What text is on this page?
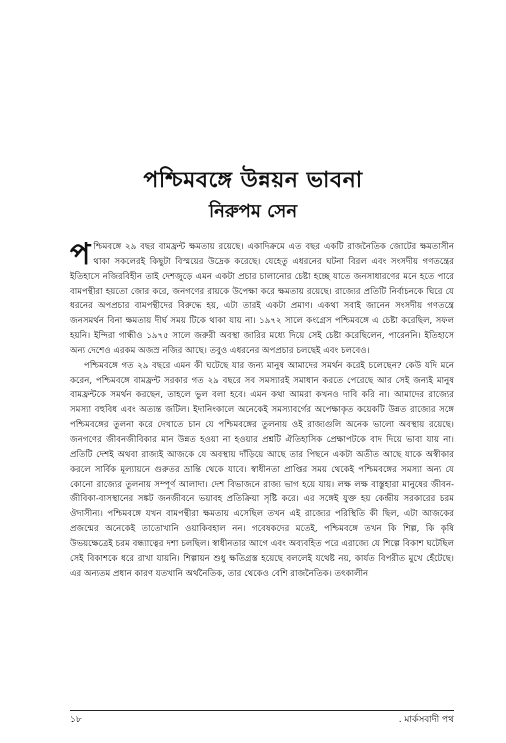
পশ্চিমবঙ্গে উন্নয়ন ভাবনা
নিরুপম সেন

পশ্চিমবঙ্গে ২৯ বছর বামফ্রন্ট ক্ষমতায় রয়েছে। একাদিক্রমে এত বছর একটি রাজনৈতিক জোটের ক্ষমতাসীন থাকা সকলেরই কিছুটা বিস্ময়ের উদ্রেক করেছে। যেহেতু এধরনের ঘটনা বিরল এবং সংসদীয় গণতন্ত্রের ইতিহাসে নজিরবিহীন তাই দেশজুড়ে এমন একটা প্রচার চালানোর চেষ্টা হচ্ছে যাতে জনসাধারণের মনে হতে পারে বামপন্থীরা হয়তো জোর করে, জনগণের রায়কে উপেক্ষা করে ক্ষমতায় রয়েছে। রাজ্যের প্রতিটি নির্বাচনকে ঘিরে যে ধরনের অপপ্রচার বামপন্থীদের বিরুদ্ধে হয়, এটা তারই একটা প্রমাণ। একথা সবাই জানেন সংসদীয় গণতন্ত্রে জনসমর্থন বিনা ক্ষমতায় দীর্ঘ সময় টিকে থাকা যায় না। ১৯৭২ সালে কংগ্রেস পশ্চিমবঙ্গে এ চেষ্টা করেছিল, সফল হয়নি। ইন্দিরা গান্ধীও ১৯৭৫ সালে জরুরী অবস্থা জারির মধ্যে দিয়ে সেই চেষ্টা করেছিলেন, পারেননি। ইতিহাসে অন্য দেশেও এরকম অজস্র নজির আছে। তবুও এধরনের অপপ্রচার চলছেই এবং চলবেও।

পশ্চিমবঙ্গে গত ২৯ বছরে এমন কী ঘটেছে যার জন্য মানুষ আমাদের সমর্থন করেই চলেছেন? কেউ যদি মনে করেন, পশ্চিমবঙ্গে বামফ্রন্ট সরকার গত ২৯ বছরে সব সমস্যারই সমাধান করতে পেরেছে আর সেই জন্যই মানুষ বামফ্রন্টকে সমর্থন করছেন, তাহলে ভুল বলা হবে। এমন কথা আমরা কখনও দাবি করি না। আমাদের রাজ্যের সমস্যা বহুবিধ এবং অত্যন্ত জটিল। ইদানিংকালে অনেকেই সমস্যাবর্গের অপেক্ষাকৃত কয়েকটি উন্নত রাজ্যের সঙ্গে পশ্চিমবঙ্গের তুলনা করে দেখাতে চান যে পশ্চিমবঙ্গের তুলনায় ওই রাজ্যগুলি অনেক ভালো অবস্থায় রয়েছে। জনগণের জীবনজীবিকার মান উন্নত হওয়া না হওয়ার প্রশ্নটি ঐতিহাসিক প্রেক্ষাপটকে বাদ দিয়ে ভাবা যায় না। প্রতিটি দেশই অথবা রাজ্যই আজকে যে অবস্থায় দাঁড়িয়ে আছে তার পিছনে একটা অতীত আছে যাকে অস্বীকার করলে সার্বিক মূল্যায়নে গুরুতর ভ্রান্তি থেকে যাবে। স্বাধীনতা প্রাপ্তির সময় থেকেই পশ্চিমবঙ্গের সমস্যা অন্য যে কোনো রাজ্যের তুলনায় সম্পূর্ণ আলাদা। দেশ বিভাজনে রাজ্য ভাগ হয়ে যায়। লক্ষ লক্ষ বাস্তুহারা মানুষের জীবন-জীবিকা-বাসস্থানের সঙ্কট জনজীবনে ভয়াবহ প্রতিক্রিয়া সৃষ্টি করে। এর সঙ্গেই যুক্ত হয় কেন্দ্রীয় সরকারের চরম ঔদাসীন্য। পশ্চিমবঙ্গে যখন বামপন্থীরা ক্ষমতায় এসেছিল তখন এই রাজ্যের পরিস্থিতি কী ছিল, এটা আজকের প্রজন্মের অনেকেই তাতোখানি ওয়াকিবহাল নন। গবেষকদের মতেই, পশ্চিমবঙ্গে তখন কি শিল্প, কি কৃষি উভয়ক্ষেত্রেই চরম বন্ধ্যাত্বের দশা চলছিল। স্বাধীনতার আগে এবং অব্যবহিত পরে এরাজ্যে যে শিল্পে বিকাশ ঘটেছিল সেই বিকাশকে ধরে রাখা যায়নি। শিল্পায়ন শুধু ক্ষতিগ্রস্ত হয়েছে বললেই যথেষ্ট নয়, কার্যত বিপরীত মুখে হেঁটেছে। এর অন্যতম প্রধান কারণ যতখানি অর্থনৈতিক, তার থেকেও বেশি রাজনৈতিক। তৎকালীন

১৮	. মার্কসবাদী পথ
